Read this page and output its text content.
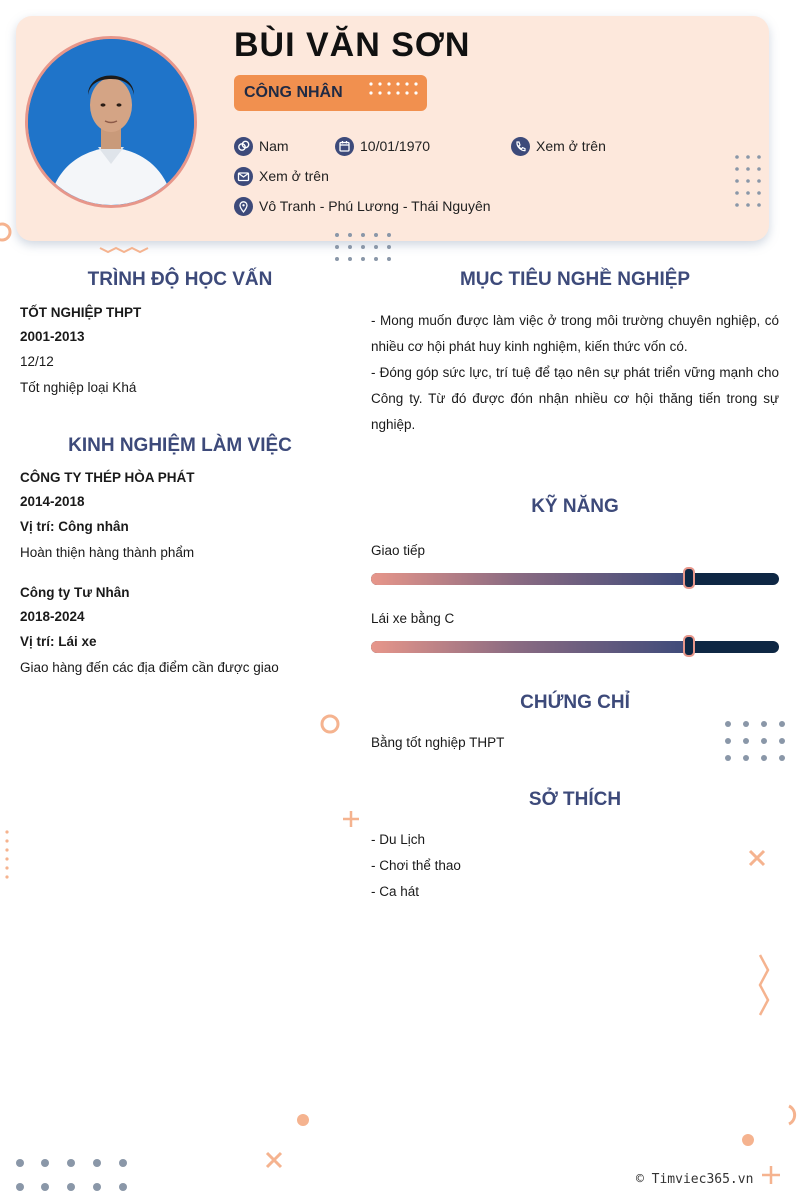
BÙI VĂN SƠN
CÔNG NHÂN
Nam	10/01/1970	Xem ở trên
Xem ở trên
Vô Tranh - Phú Lương - Thái Nguyên
TRÌNH ĐỘ HỌC VẤN
TỐT NGHIỆP THPT
2001-2013
12/12
Tốt nghiệp loại Khá
KINH NGHIỆM LÀM VIỆC
CÔNG TY THÉP HÒA PHÁT
2014-2018
Vị trí: Công nhân
Hoàn thiện hàng thành phẩm
Công ty Tư Nhân
2018-2024
Vị trí: Lái xe
Giao hàng đến các địa điểm cần được giao
MỤC TIÊU NGHỀ NGHIỆP

- Mong muốn được làm việc ở trong môi trường chuyên nghiệp, có nhiều cơ hội phát huy kinh nghiệm, kiến thức vốn có.

- Đóng góp sức lực, trí tuệ để tạo nên sự phát triển vững mạnh cho Công ty. Từ đó được đón nhận nhiều cơ hội thăng tiến trong sự nghiệp.

KỸ NĂNG
Giao tiếp
Lái xe bằng C
CHỨNG CHỈ
Bằng tốt nghiệp THPT
SỞ THÍCH
- Du Lịch
- Chơi thể thao
- Ca hát
© Timviec365.vn
